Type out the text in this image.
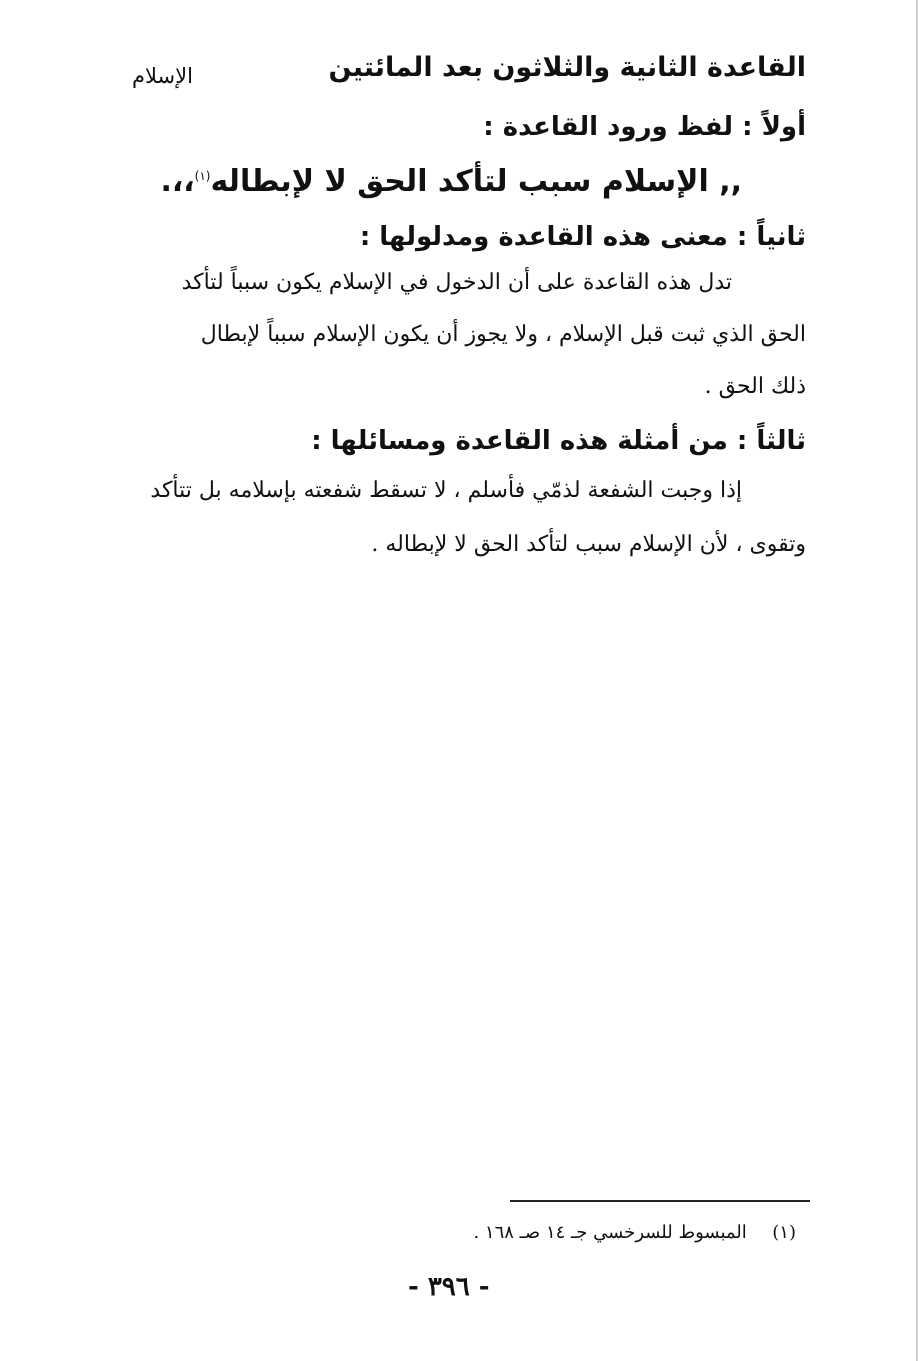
القاعدة الثانية والثلاثون بعد المائتين
الإسلام
أولاً : لفظ ورود القاعدة :
,, الإسلام سبب لتأكد الحق لا لإبطاله$^{(١)}$،،.
ثانياً : معنى هذه القاعدة ومدلولها :
تدل هذه القاعدة على أن الدخول في الإسلام يكون سبباً لتأكد
الحق الذي ثبت قبل الإسلام ، ولا يجوز أن يكون الإسلام سبباً لإبطال
ذلك الحق .
ثالثاً : من أمثلة هذه القاعدة ومسائلها :
إذا وجبت الشفعة لذمّي فأسلم ، لا تسقط شفعته بإسلامه بل تتأكد
وتقوى ، لأن الإسلام سبب لتأكد الحق لا لإبطاله .
(١)  المبسوط للسرخسي جـ ١٤ صـ ١٦٨ .
- ٣٩٦ -
